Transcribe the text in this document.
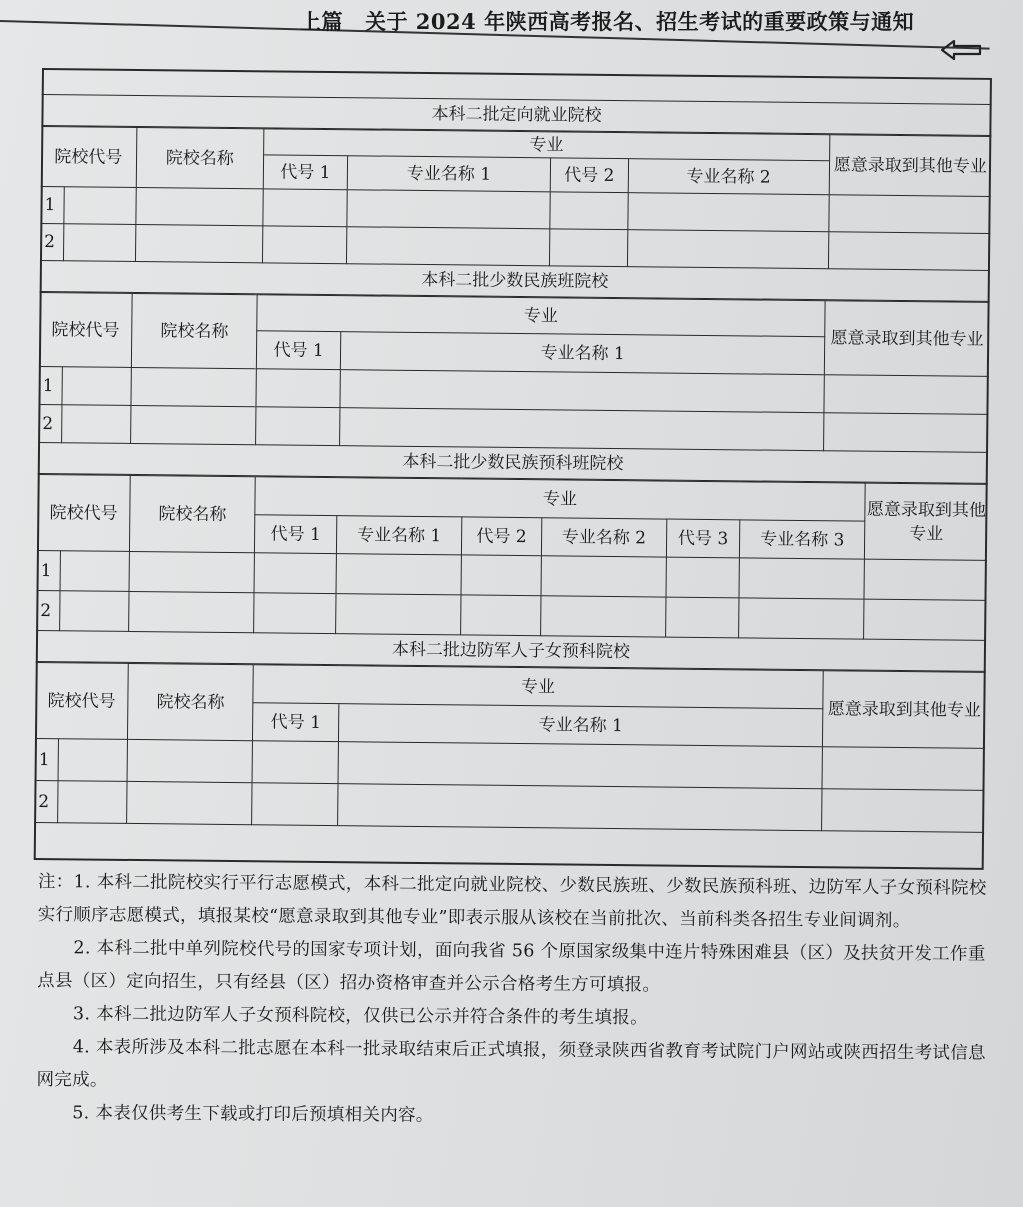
上篇 关于 2024 年陕西高考报名、招生考试的重要政策与通知
本科二批定向就业院校
院校代号		院校名称	专业				愿意录取到其他专业
			代号 1	专业名称 1	代号 2	专业名称 2	
1							
2							
本科二批少数民族班院校
院校代号		院校名称	专业		愿意录取到其他专业
			代号 1	专业名称 1	
1					
2					
本科二批少数民族预科班院校
院校代号		院校名称	专业						愿意录取到其他专业
			代号 1	专业名称 1	代号 2	专业名称 2	代号 3	专业名称 3	
1									
2									
本科二批边防军人子女预科院校
院校代号		院校名称	专业		愿意录取到其他专业
			代号 1	专业名称 1	
1					
2					

注：1. 本科二批院校实行平行志愿模式，本科二批定向就业院校、少数民族班、少数民族预科班、边防军人子女预科院校实行顺序志愿模式，填报某校“愿意录取到其他专业”即表示服从该校在当前批次、当前科类各招生专业间调剂。

2. 本科二批中单列院校代号的国家专项计划，面向我省 56 个原国家级集中连片特殊困难县（区）及扶贫开发工作重点县（区）定向招生，只有经县（区）招办资格审查并公示合格考生方可填报。

3. 本科二批边防军人子女预科院校，仅供已公示并符合条件的考生填报。

4. 本表所涉及本科二批志愿在本科一批录取结束后正式填报，须登录陕西省教育考试院门户网站或陕西招生考试信息网完成。

5. 本表仅供考生下载或打印后预填相关内容。
